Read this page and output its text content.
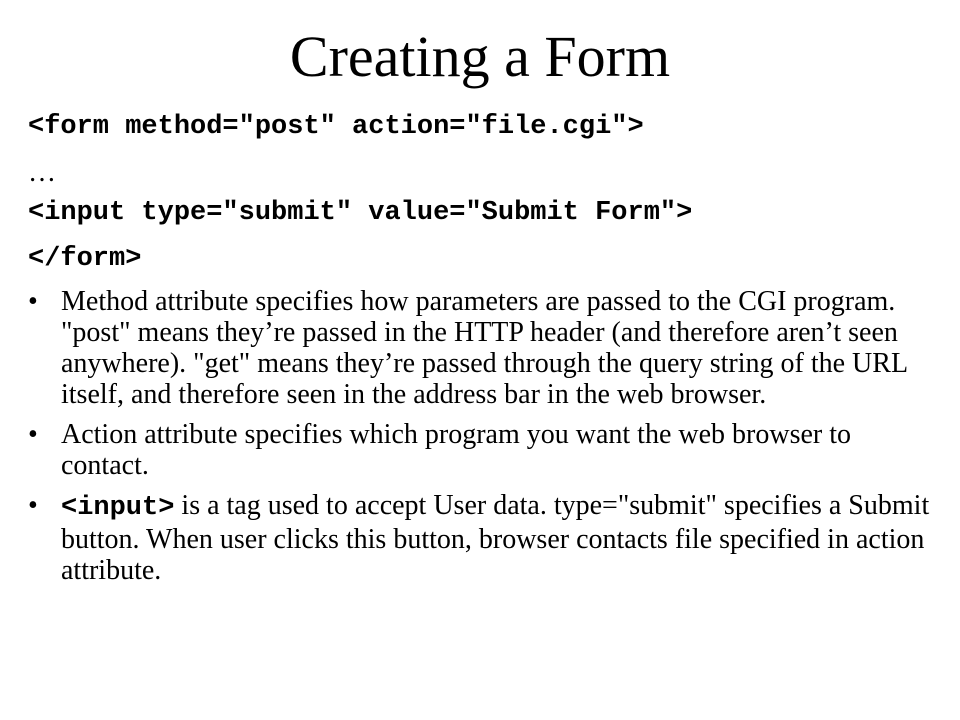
Creating a Form
<form method="post" action="file.cgi">
…
<input type="submit" value="Submit Form">
</form>
• Method attribute specifies how parameters are passed to the CGI program. "post" means they’re passed in the HTTP header (and therefore aren’t seen anywhere). "get" means they’re passed through the query string of the URL itself, and therefore seen in the address bar in the web browser.
• Action attribute specifies which program you want the web browser to contact.
• <input> is a tag used to accept User data. type="submit" specifies a Submit button. When user clicks this button, browser contacts file specified in action attribute.
